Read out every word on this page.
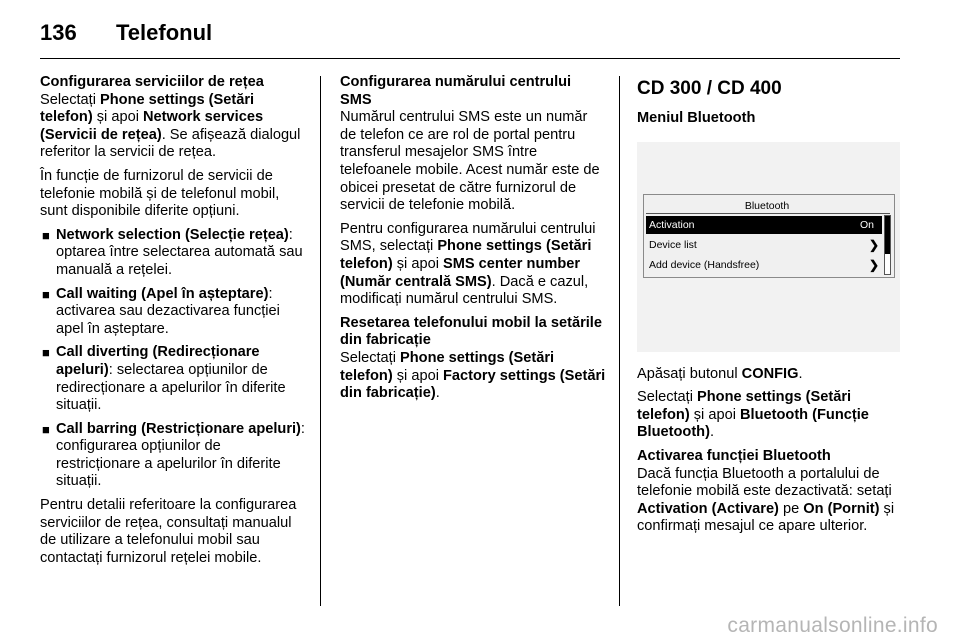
136 Telefonul
Configurarea serviciilor de rețea

Selectați Phone settings (Setări telefon) și apoi Network services (Servicii de rețea). Se afișează dialogul referitor la servicii de rețea.

În funcție de furnizorul de servicii de telefonie mobilă și de telefonul mobil, sunt disponibile diferite opțiuni.

■ Network selection (Selecție rețea): optarea între selectarea automată sau manuală a rețelei.
■ Call waiting (Apel în așteptare): activarea sau dezactivarea funcției apel în așteptare.
■ Call diverting (Redirecționare apeluri): selectarea opțiunilor de redirecționare a apelurilor în diferite situații.
■ Call barring (Restricționare apeluri): configurarea opțiunilor de restricționare a apelurilor în diferite situații.

Pentru detalii referitoare la configurarea serviciilor de rețea, consultați manualul de utilizare a telefonului mobil sau contactați furnizorul rețelei mobile.

Configurarea numărului centrului SMS

Numărul centrului SMS este un număr de telefon ce are rol de portal pentru transferul mesajelor SMS între telefoanele mobile. Acest număr este de obicei presetat de către furnizorul de servicii de telefonie mobilă.

Pentru configurarea numărului centrului SMS, selectați Phone settings (Setări telefon) și apoi SMS center number (Număr centrală SMS). Dacă e cazul, modificați numărul centrului SMS.

Resetarea telefonului mobil la setările din fabricație

Selectați Phone settings (Setări telefon) și apoi Factory settings (Setări din fabricație).

CD 300 / CD 400
Meniul Bluetooth
Bluetooth
Activation	On
Device list	❯
Add device (Handsfree)	❯

Apăsați butonul CONFIG.

Selectați Phone settings (Setări telefon) și apoi Bluetooth (Funcție Bluetooth).

Activarea funcției Bluetooth

Dacă funcția Bluetooth a portalului de telefonie mobilă este dezactivată: setați Activation (Activare) pe On (Pornit) și confirmați mesajul ce apare ulterior.

carmanualsonline.info
